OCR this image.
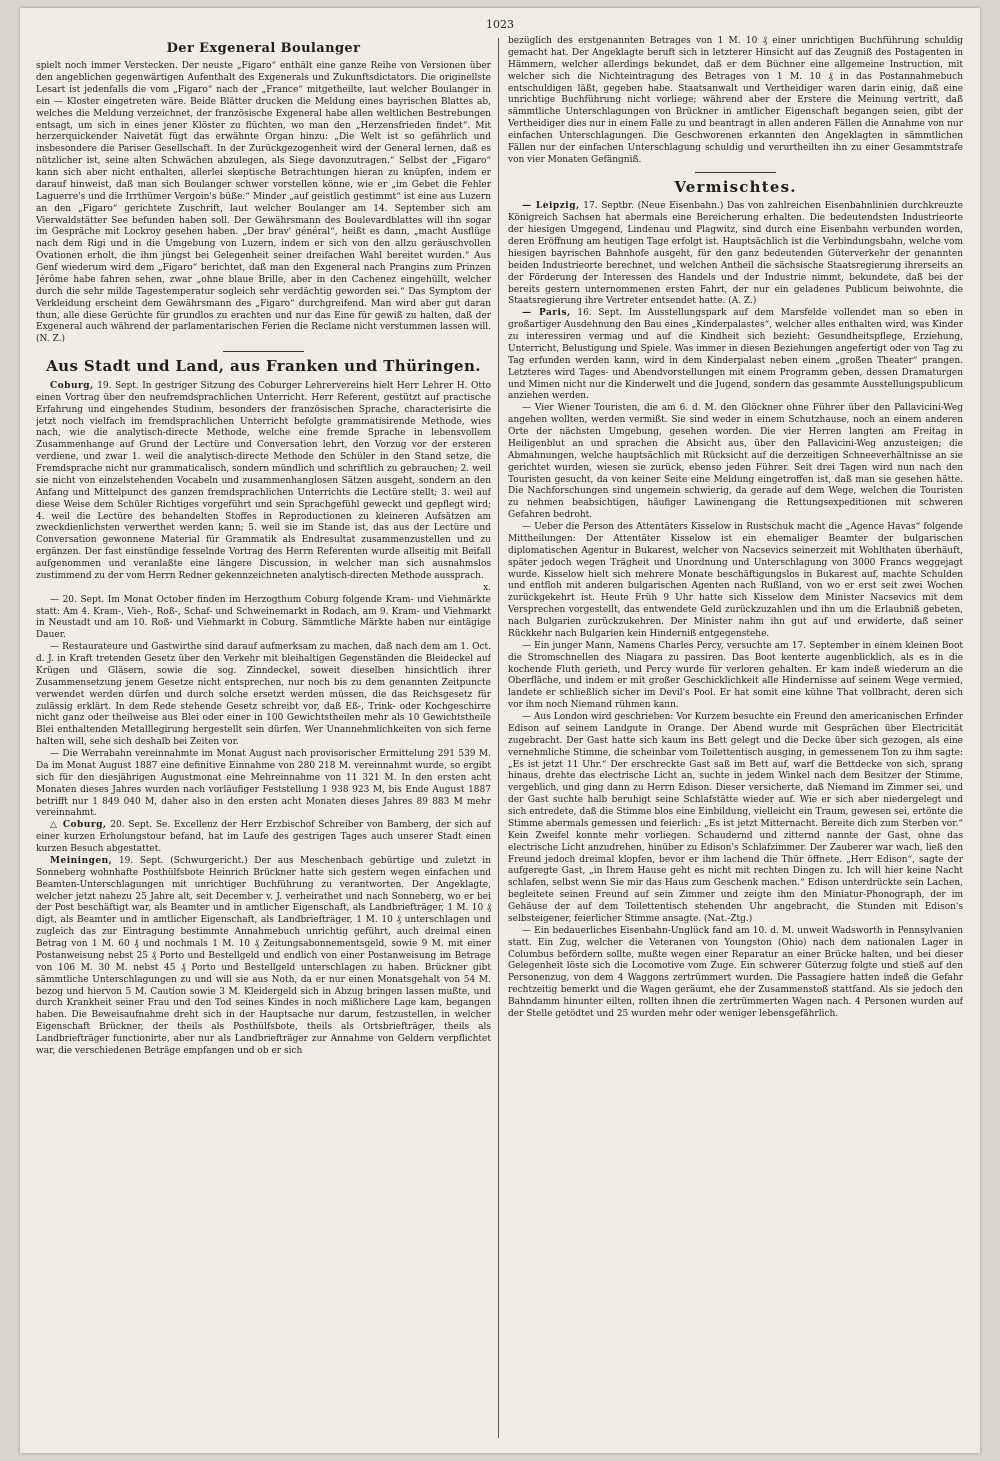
1023
Der Exgeneral Boulanger

spielt noch immer Verstecken. Der neuste „Figaro“ enthält eine ganze Reihe von Versionen über den angeblichen gegenwärtigen Aufenthalt des Exgenerals und Zukunftsdictators. Die originellste Lesart ist jedenfalls die vom „Figaro“ nach der „France“ mitgetheilte, laut welcher Boulanger in ein — Kloster eingetreten wäre. Beide Blätter drucken die Meldung eines bayrischen Blattes ab, welches die Meldung verzeichnet, der französische Exgeneral habe allen weltlichen Bestrebungen entsagt, um sich in eines jener Klöster zu flüchten, wo man den „Herzensfrieden findet“. Mit herzerquickender Naivetät fügt das erwähnte Organ hinzu: „Die Welt ist so gefährlich und insbesondere die Pariser Gesellschaft. In der Zurückgezogenheit wird der General lernen, daß es nützlicher ist, seine alten Schwächen abzulegen, als Siege davonzutragen.“ Selbst der „Figaro“ kann sich aber nicht enthalten, allerlei skeptische Betrachtungen hieran zu knüpfen, indem er darauf hinweist, daß man sich Boulanger schwer vorstellen könne, wie er „im Gebet die Fehler Laguerre's und die Irrthümer Vergoin's büße.“ Minder „auf geistlich gestimmt“ ist eine aus Luzern an den „Figaro“ gerichtete Zuschrift, laut welcher Boulanger am 14. September sich am Vierwaldstätter See befunden haben soll. Der Gewährsmann des Boulevardblattes will ihn sogar im Gespräche mit Lockroy gesehen haben. „Der brav' général“, heißt es dann, „macht Ausflüge nach dem Rigi und in die Umgebung von Luzern, indem er sich von den allzu geräuschvollen Ovationen erholt, die ihm jüngst bei Gelegenheit seiner dreifachen Wahl bereitet wurden.“ Aus Genf wiederum wird dem „Figaro“ berichtet, daß man den Exgeneral nach Prangins zum Prinzen Jérôme habe fahren sehen, zwar „ohne blaue Brille, aber in den Cachenez eingehüllt, welcher durch die sehr milde Tagestemperatur sogleich sehr verdächtig geworden sei.“ Das Symptom der Verkleidung erscheint dem Gewährsmann des „Figaro“ durchgreifend. Man wird aber gut daran thun, alle diese Gerüchte für grundlos zu erachten und nur das Eine für gewiß zu halten, daß der Exgeneral auch während der parlamentarischen Ferien die Reclame nicht verstummen lassen will. (N. Z.)

Aus Stadt und Land, aus Franken und Thüringen.

Coburg, 19. Sept. In gestriger Sitzung des Coburger Lehrervereins hielt Herr Lehrer H. Otto einen Vortrag über den neufremdsprachlichen Unterricht. Herr Referent, gestützt auf practische Erfahrung und eingehendes Studium, besonders der französischen Sprache, characterisirte die jetzt noch vielfach im fremdsprachlichen Unterricht befolgte grammatisirende Methode, wies nach, wie die analytisch-directe Methode, welche eine fremde Sprache in lebensvollem Zusammenhange auf Grund der Lectüre und Conversation lehrt, den Vorzug vor der ersteren verdiene, und zwar 1. weil die analytisch-directe Methode den Schüler in den Stand setze, die Fremdsprache nicht nur grammaticalisch, sondern mündlich und schriftlich zu gebrauchen; 2. weil sie nicht von einzelstehenden Vocabeln und zusammenhanglosen Sätzen ausgeht, sondern an den Anfang und Mittelpunct des ganzen fremdsprachlichen Unterrichts die Lectüre stellt; 3. weil auf diese Weise dem Schüler Richtiges vorgeführt und sein Sprachgefühl geweckt und gepflegt wird; 4. weil die Lectüre des behandelten Stoffes in Reproductionen zu kleineren Aufsätzen am zweckdienlichsten verwerthet werden kann; 5. weil sie im Stande ist, das aus der Lectüre und Conversation gewonnene Material für Grammatik als Endresultat zusammenzustellen und zu ergänzen. Der fast einstündige fesselnde Vortrag des Herrn Referenten wurde allseitig mit Beifall aufgenommen und veranlaßte eine längere Discussion, in welcher man sich ausnahmslos zustimmend zu der vom Herrn Redner gekennzeichneten analytisch-directen Methode aussprach.

x.

— 20. Sept. Im Monat October finden im Herzogthum Coburg folgende Kram- und Viehmärkte statt: Am 4. Kram-, Vieh-, Roß-, Schaf- und Schweinemarkt in Rodach, am 9. Kram- und Viehmarkt in Neustadt und am 10. Roß- und Viehmarkt in Coburg. Sämmtliche Märkte haben nur eintägige Dauer.

— Restaurateure und Gastwirthe sind darauf aufmerksam zu machen, daß nach dem am 1. Oct. d. J. in Kraft tretenden Gesetz über den Verkehr mit bleihaltigen Gegenständen die Bleideckel auf Krügen und Gläsern, sowie die sog. Zinndeckel, soweit dieselben hinsichtlich ihrer Zusammensetzung jenem Gesetze nicht entsprechen, nur noch bis zu dem genannten Zeitpuncte verwendet werden dürfen und durch solche ersetzt werden müssen, die das Reichsgesetz für zulässig erklärt. In dem Rede stehende Gesetz schreibt vor, daß Eß-, Trink- oder Kochgeschirre nicht ganz oder theilweise aus Blei oder einer in 100 Gewichtstheilen mehr als 10 Gewichtstheile Blei enthaltenden Metalllegirung hergestellt sein dürfen. Wer Unannehmlichkeiten von sich ferne halten will, sehe sich deshalb bei Zeiten vor.

— Die Werrabahn vereinnahmte im Monat August nach provisorischer Ermittelung 291 539 M. Da im Monat August 1887 eine definitive Einnahme von 280 218 M. vereinnahmt wurde, so ergibt sich für den diesjährigen Augustmonat eine Mehreinnahme von 11 321 M. In den ersten acht Monaten dieses Jahres wurden nach vorläufiger Feststellung 1 938 923 M, bis Ende August 1887 betrifft nur 1 849 040 M, daher also in den ersten acht Monaten dieses Jahres 89 883 M mehr vereinnahmt.

△ Coburg, 20. Sept. Se. Excellenz der Herr Erzbischof Schreiber von Bamberg, der sich auf einer kurzen Erholungstour befand, hat im Laufe des gestrigen Tages auch unserer Stadt einen kurzen Besuch abgestattet.

Meiningen, 19. Sept. (Schwurgericht.) Der aus Meschenbach gebürtige und zuletzt in Sonneberg wohnhafte Posthülfsbote Heinrich Brückner hatte sich gestern wegen einfachen und Beamten-Unterschlagungen mit unrichtiger Buchführung zu verantworten. Der Angeklagte, welcher jetzt nahezu 25 Jahre alt, seit December v. J. verheirathet und nach Sonneberg, wo er bei der Post beschäftigt war, als Beamter und in amtlicher Eigenschaft, als Landbriefträger, 1 M. 10 ₰ digt, als Beamter und in amtlicher Eigenschaft, als Landbriefträger, 1 M. 10 ₰ unterschlagen und zugleich das zur Eintragung bestimmte Annahmebuch unrichtig geführt, auch dreimal einen Betrag von 1 M. 60 ₰ und nochmals 1 M. 10 ₰ Zeitungsabonnementsgeld, sowie 9 M. mit einer Postanweisung nebst 25 ₰ Porto und Bestellgeld und endlich von einer Postanweisung im Betrage von 106 M. 30 M. nebst 45 ₰ Porto und Bestellgeld unterschlagen zu haben. Brückner gibt sämmtliche Unterschlagungen zu und will sie aus Noth, da er nur einen Monatsgehalt von 54 M. bezog und hiervon 5 M. Caution sowie 3 M. Kleidergeld sich in Abzug bringen lassen mußte, und durch Krankheit seiner Frau und den Tod seines Kindes in noch mißlichere Lage kam, begangen haben. Die Beweisaufnahme dreht sich in der Hauptsache nur darum, festzustellen, in welcher Eigenschaft Brückner, der theils als Posthülfsbote, theils als Ortsbriefträger, theils als Landbriefträger functionirte, aber nur als Landbriefträger zur Annahme von Geldern verpflichtet war, die verschiedenen Beträge empfangen und ob er sich

bezüglich des erstgenannten Betrages von 1 M. 10 ₰ einer unrichtigen Buchführung schuldig gemacht hat. Der Angeklagte beruft sich in letzterer Hinsicht auf das Zeugniß des Postagenten in Hämmern, welcher allerdings bekundet, daß er dem Büchner eine allgemeine Instruction, mit welcher sich die Nichteintragung des Betrages von 1 M. 10 ₰ in das Postannahmebuch entschuldigen läßt, gegeben habe. Staatsanwalt und Vertheidiger waren darin einig, daß eine unrichtige Buchführung nicht vorliege; während aber der Erstere die Meinung vertritt, daß sämmtliche Unterschlagungen von Brückner in amtlicher Eigenschaft begangen seien, gibt der Vertheidiger dies nur in einem Falle zu und beantragt in allen anderen Fällen die Annahme von nur einfachen Unterschlagungen. Die Geschworenen erkannten den Angeklagten in sämmtlichen Fällen nur der einfachen Unterschlagung schuldig und verurtheilten ihn zu einer Gesammtstrafe von vier Monaten Gefängniß.

Vermischtes.

— Leipzig, 17. Septbr. (Neue Eisenbahn.) Das von zahlreichen Eisenbahnlinien durchkreuzte Königreich Sachsen hat abermals eine Bereicherung erhalten. Die bedeutendsten Industrieorte der hiesigen Umgegend, Lindenau und Plagwitz, sind durch eine Eisenbahn verbunden worden, deren Eröffnung am heutigen Tage erfolgt ist. Hauptsächlich ist die Verbindungsbahn, welche vom hiesigen bayrischen Bahnhofe ausgeht, für den ganz bedeutenden Güterverkehr der genannten beiden Industrieorte berechnet, und welchen Antheil die sächsische Staatsregierung ihrerseits an der Förderung der Interessen des Handels und der Industrie nimmt, bekundete, daß bei der bereits gestern unternommenen ersten Fahrt, der nur ein geladenes Publicum beiwohnte, die Staatsregierung ihre Vertreter entsendet hatte. (A. Z.)

— Paris, 16. Sept. Im Ausstellungspark auf dem Marsfelde vollendet man so eben in großartiger Ausdehnung den Bau eines „Kinderpalastes“, welcher alles enthalten wird, was Kinder zu interessiren vermag und auf die Kindheit sich bezieht: Gesundheitspflege, Erziehung, Unterricht, Belustigung und Spiele. Was immer in diesen Beziehungen angefertigt oder von Tag zu Tag erfunden werden kann, wird in dem Kinderpalast neben einem „großen Theater“ prangen. Letzteres wird Tages- und Abendvorstellungen mit einem Programm geben, dessen Dramaturgen und Mimen nicht nur die Kinderwelt und die Jugend, sondern das gesammte Ausstellungspublicum anziehen werden.

— Vier Wiener Touristen, die am 6. d. M. den Glöckner ohne Führer über den Pallavicini-Weg angehen wollten, werden vermißt. Sie sind weder in einem Schutzhause, noch an einem anderen Orte der nächsten Umgebung, gesehen worden. Die vier Herren langten am Freitag in Heiligenblut an und sprachen die Absicht aus, über den Pallavicini-Weg anzusteigen; die Abmahnungen, welche hauptsächlich mit Rücksicht auf die derzeitigen Schneeverhältnisse an sie gerichtet wurden, wiesen sie zurück, ebenso jeden Führer. Seit drei Tagen wird nun nach den Touristen gesucht, da von keiner Seite eine Meldung eingetroffen ist, daß man sie gesehen hätte. Die Nachforschungen sind ungemein schwierig, da gerade auf dem Wege, welchen die Touristen zu nehmen beabsichtigen, häufiger Lawinengang die Rettungsexpeditionen mit schweren Gefahren bedroht.

— Ueber die Person des Attentäters Kisselow in Rustschuk macht die „Agence Havas“ folgende Mittheilungen: Der Attentäter Kisselow ist ein ehemaliger Beamter der bulgarischen diplomatischen Agentur in Bukarest, welcher von Nacsevics seinerzeit mit Wohlthaten überhäuft, später jedoch wegen Trägheit und Unordnung und Unterschlagung von 3000 Francs weggejagt wurde. Kisselow hielt sich mehrere Monate beschäftigungslos in Bukarest auf, machte Schulden und entfloh mit anderen bulgarischen Agenten nach Rußland, von wo er erst seit zwei Wochen zurückgekehrt ist. Heute Früh 9 Uhr hatte sich Kisselow dem Minister Nacsevics mit dem Versprechen vorgestellt, das entwendete Geld zurückzuzahlen und ihn um die Erlaubniß gebeten, nach Bulgarien zurückzukehren. Der Minister nahm ihn gut auf und erwiderte, daß seiner Rückkehr nach Bulgarien kein Hinderniß entgegenstehe.

— Ein junger Mann, Namens Charles Percy, versuchte am 17. September in einem kleinen Boot die Stromschnellen des Niagara zu passiren. Das Boot kenterte augenblicklich, als es in die kochende Fluth gerieth, und Percy wurde für verloren gehalten. Er kam indeß wiederum an die Oberfläche, und indem er mit großer Geschicklichkeit alle Hindernisse auf seinem Wege vermied, landete er schließlich sicher im Devil's Pool. Er hat somit eine kühne That vollbracht, deren sich vor ihm noch Niemand rühmen kann.

— Aus London wird geschrieben: Vor Kurzem besuchte ein Freund den americanischen Erfinder Edison auf seinem Landgute in Orange. Der Abend wurde mit Gesprächen über Electricität zugebracht. Der Gast hatte sich kaum ins Bett gelegt und die Decke über sich gezogen, als eine vernehmliche Stimme, die scheinbar vom Toilettentisch ausging, in gemessenem Ton zu ihm sagte: „Es ist jetzt 11 Uhr.“ Der erschreckte Gast saß im Bett auf, warf die Bettdecke von sich, sprang hinaus, drehte das electrische Licht an, suchte in jedem Winkel nach dem Besitzer der Stimme, vergeblich, und ging dann zu Herrn Edison. Dieser versicherte, daß Niemand im Zimmer sei, und der Gast suchte halb beruhigt seine Schlafstätte wieder auf. Wie er sich aber niedergelegt und sich entredete, daß die Stimme blos eine Einbildung, vielleicht ein Traum, gewesen sei, ertönte die Stimme abermals gemessen und feierlich: „Es ist jetzt Mitternacht. Bereite dich zum Sterben vor.“ Kein Zweifel konnte mehr vorliegen. Schaudernd und zitternd nannte der Gast, ohne das electrische Licht anzudrehen, hinüber zu Edison's Schlafzimmer. Der Zauberer war wach, ließ den Freund jedoch dreimal klopfen, bevor er ihm lachend die Thür öffnete. „Herr Edison“, sagte der aufgeregte Gast, „in Ihrem Hause geht es nicht mit rechten Dingen zu. Ich will hier keine Nacht schlafen, selbst wenn Sie mir das Haus zum Geschenk machen.“ Edison unterdrückte sein Lachen, begleitete seinen Freund auf sein Zimmer und zeigte ihm den Miniatur-Phonograph, der im Gehäuse der auf dem Toilettentisch stehenden Uhr angebracht, die Stunden mit Edison's selbsteigener, feierlicher Stimme ansagte. (Nat.-Ztg.)

— Ein bedauerliches Eisenbahn-Unglück fand am 10. d. M. unweit Wadsworth in Pennsylvanien statt. Ein Zug, welcher die Veteranen von Youngston (Ohio) nach dem nationalen Lager in Columbus befördern sollte, mußte wegen einer Reparatur an einer Brücke halten, und bei dieser Gelegenheit löste sich die Locomotive vom Zuge. Ein schwerer Güterzug folgte und stieß auf den Personenzug, von dem 4 Waggons zertrümmert wurden. Die Passagiere hatten indeß die Gefahr rechtzeitig bemerkt und die Wagen geräumt, ehe der Zusammenstoß stattfand. Als sie jedoch den Bahndamm hinunter eilten, rollten ihnen die zertrümmerten Wagen nach. 4 Personen wurden auf der Stelle getödtet und 25 wurden mehr oder weniger lebensgefährlich.
